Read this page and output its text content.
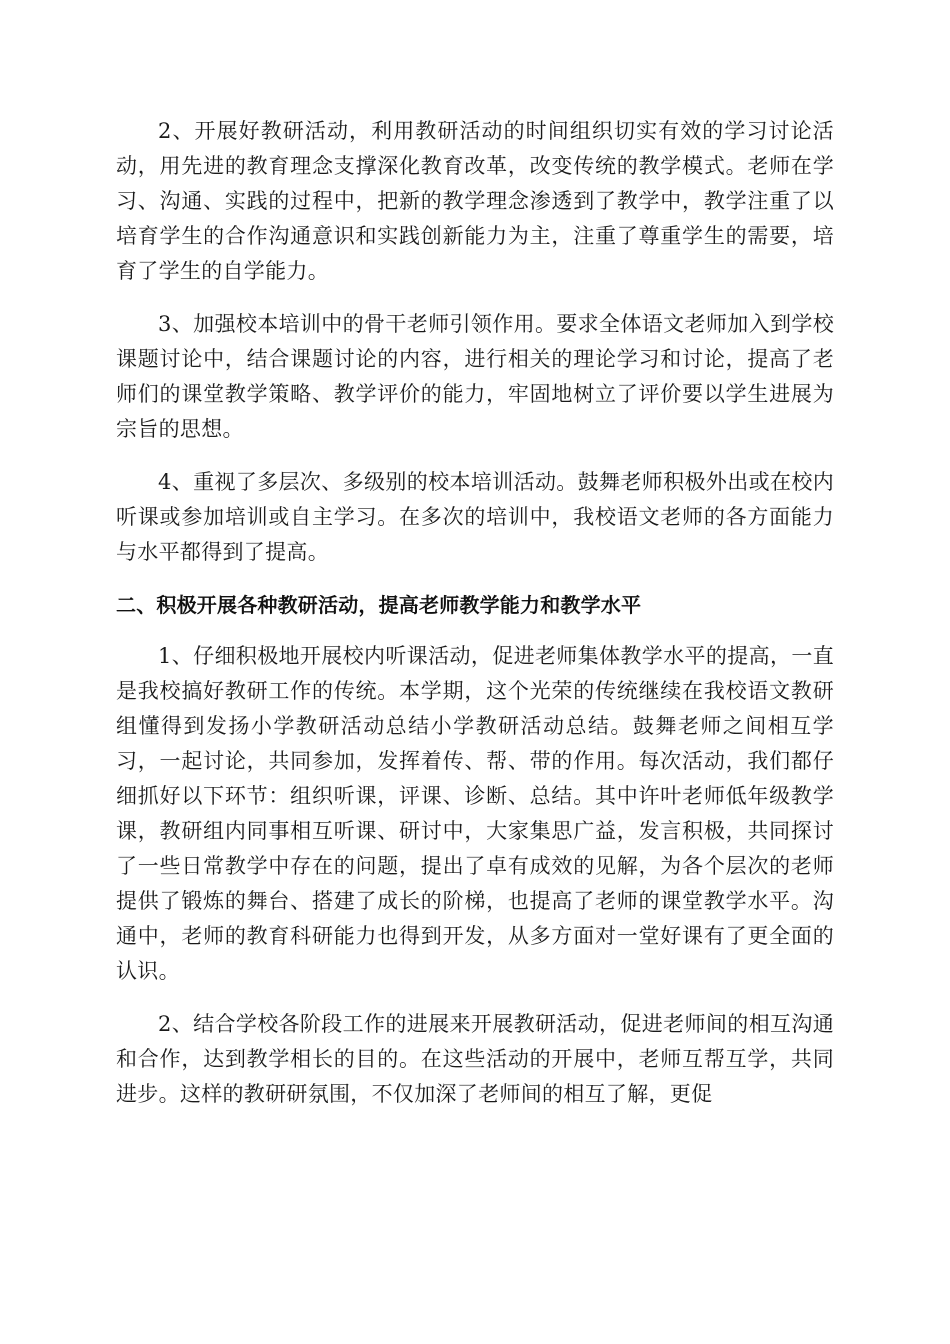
2、开展好教研活动，利用教研活动的时间组织切实有效的学习讨论活动，用先进的教育理念支撑深化教育改革，改变传统的教学模式。老师在学习、沟通、实践的过程中，把新的教学理念渗透到了教学中，教学注重了以培育学生的合作沟通意识和实践创新能力为主，注重了尊重学生的需要，培育了学生的自学能力。

3、加强校本培训中的骨干老师引领作用。要求全体语文老师加入到学校课题讨论中，结合课题讨论的内容，进行相关的理论学习和讨论，提高了老师们的课堂教学策略、教学评价的能力，牢固地树立了评价要以学生进展为宗旨的思想。

4、重视了多层次、多级别的校本培训活动。鼓舞老师积极外出或在校内听课或参加培训或自主学习。在多次的培训中，我校语文老师的各方面能力与水平都得到了提高。

二、积极开展各种教研活动，提高老师教学能力和教学水平

1、仔细积极地开展校内听课活动，促进老师集体教学水平的提高，一直是我校搞好教研工作的传统。本学期，这个光荣的传统继续在我校语文教研组懂得到发扬小学教研活动总结小学教研活动总结。鼓舞老师之间相互学习，一起讨论，共同参加，发挥着传、帮、带的作用。每次活动，我们都仔细抓好以下环节：组织听课，评课、诊断、总结。其中许叶老师低年级教学课，教研组内同事相互听课、研讨中，大家集思广益，发言积极，共同探讨了一些日常教学中存在的问题，提出了卓有成效的见解，为各个层次的老师提供了锻炼的舞台、搭建了成长的阶梯，也提高了老师的课堂教学水平。沟通中，老师的教育科研能力也得到开发，从多方面对一堂好课有了更全面的认识。

2、结合学校各阶段工作的进展来开展教研活动，促进老师间的相互沟通和合作，达到教学相长的目的。在这些活动的开展中，老师互帮互学，共同进步。这样的教研研氛围，不仅加深了老师间的相互了解，更促
